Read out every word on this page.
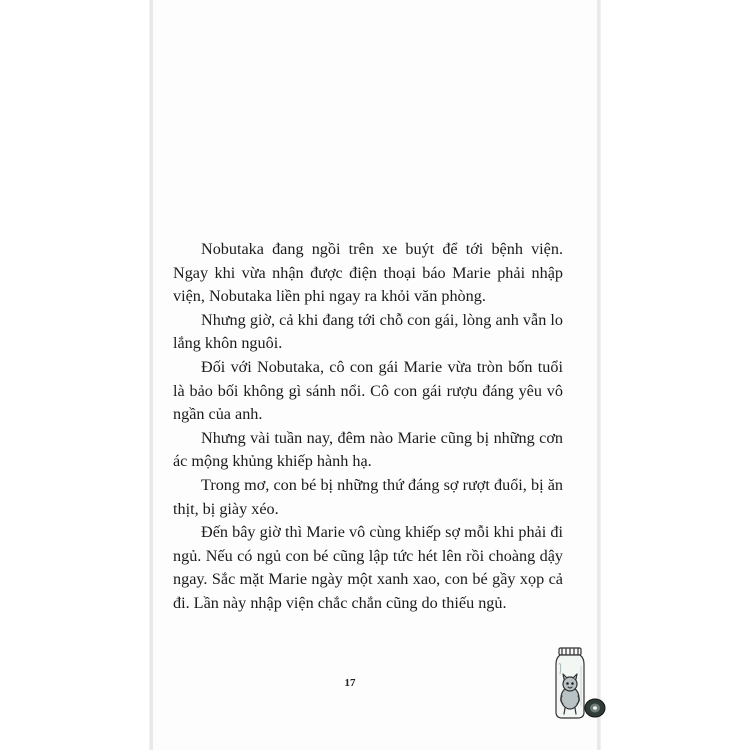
Nobutaka đang ngồi trên xe buýt để tới bệnh viện. Ngay khi vừa nhận được điện thoại báo Marie phải nhập viện, Nobutaka liền phi ngay ra khỏi văn phòng.

Nhưng giờ, cả khi đang tới chỗ con gái, lòng anh vẫn lo lắng khôn nguôi.

Đối với Nobutaka, cô con gái Marie vừa tròn bốn tuổi là bảo bối không gì sánh nổi. Cô con gái rượu đáng yêu vô ngần của anh.

Nhưng vài tuần nay, đêm nào Marie cũng bị những cơn ác mộng khủng khiếp hành hạ.

Trong mơ, con bé bị những thứ đáng sợ rượt đuổi, bị ăn thịt, bị giày xéo.

Đến bây giờ thì Marie vô cùng khiếp sợ mỗi khi phải đi ngủ. Nếu có ngủ con bé cũng lập tức hét lên rồi choàng dậy ngay. Sắc mặt Marie ngày một xanh xao, con bé gầy xọp cả đi. Lần này nhập viện chắc chắn cũng do thiếu ngủ.

17
